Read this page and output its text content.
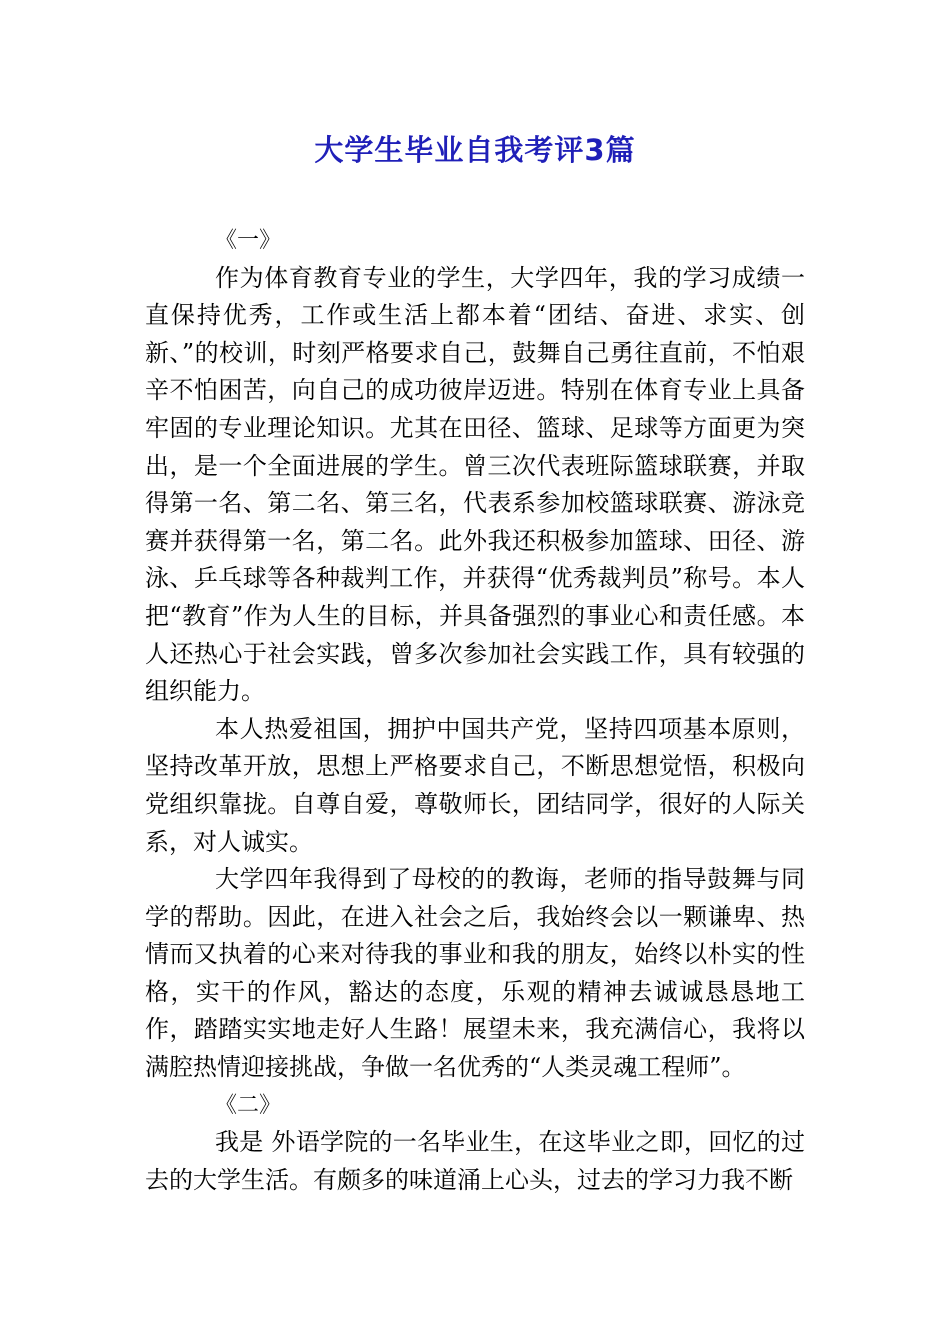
大学生毕业自我考评3篇

《一》

作为体育教育专业的学生，大学四年，我的学习成绩一直保持优秀，工作或生活上都本着“团结、奋进、求实、创新、”的校训，时刻严格要求自己，鼓舞自己勇往直前，不怕艰辛不怕困苦，向自己的成功彼岸迈进。特别在体育专业上具备牢固的专业理论知识。尤其在田径、篮球、足球等方面更为突出，是一个全面进展的学生。曾三次代表班际篮球联赛，并取得第一名、第二名、第三名，代表系参加校篮球联赛、游泳竞赛并获得第一名，第二名。此外我还积极参加篮球、田径、游泳、乒乓球等各种裁判工作，并获得“优秀裁判员”称号。本人把“教育”作为人生的目标，并具备强烈的事业心和责任感。本人还热心于社会实践，曾多次参加社会实践工作，具有较强的组织能力。

本人热爱祖国，拥护中国共产党，坚持四项基本原则，坚持改革开放，思想上严格要求自己，不断思想觉悟，积极向党组织靠拢。自尊自爱，尊敬师长，团结同学，很好的人际关系，对人诚实。

大学四年我得到了母校的的教诲，老师的指导鼓舞与同学的帮助。因此，在进入社会之后，我始终会以一颗谦卑、热情而又执着的心来对待我的事业和我的朋友，始终以朴实的性格，实干的作风，豁达的态度，乐观的精神去诚诚恳恳地工作，踏踏实实地走好人生路！展望未来，我充满信心，我将以满腔热情迎接挑战，争做一名优秀的“人类灵魂工程师”。

《二》

我是 外语学院的一名毕业生，在这毕业之即，回忆的过去的大学生活。有颇多的味道涌上心头，过去的学习力我不断
